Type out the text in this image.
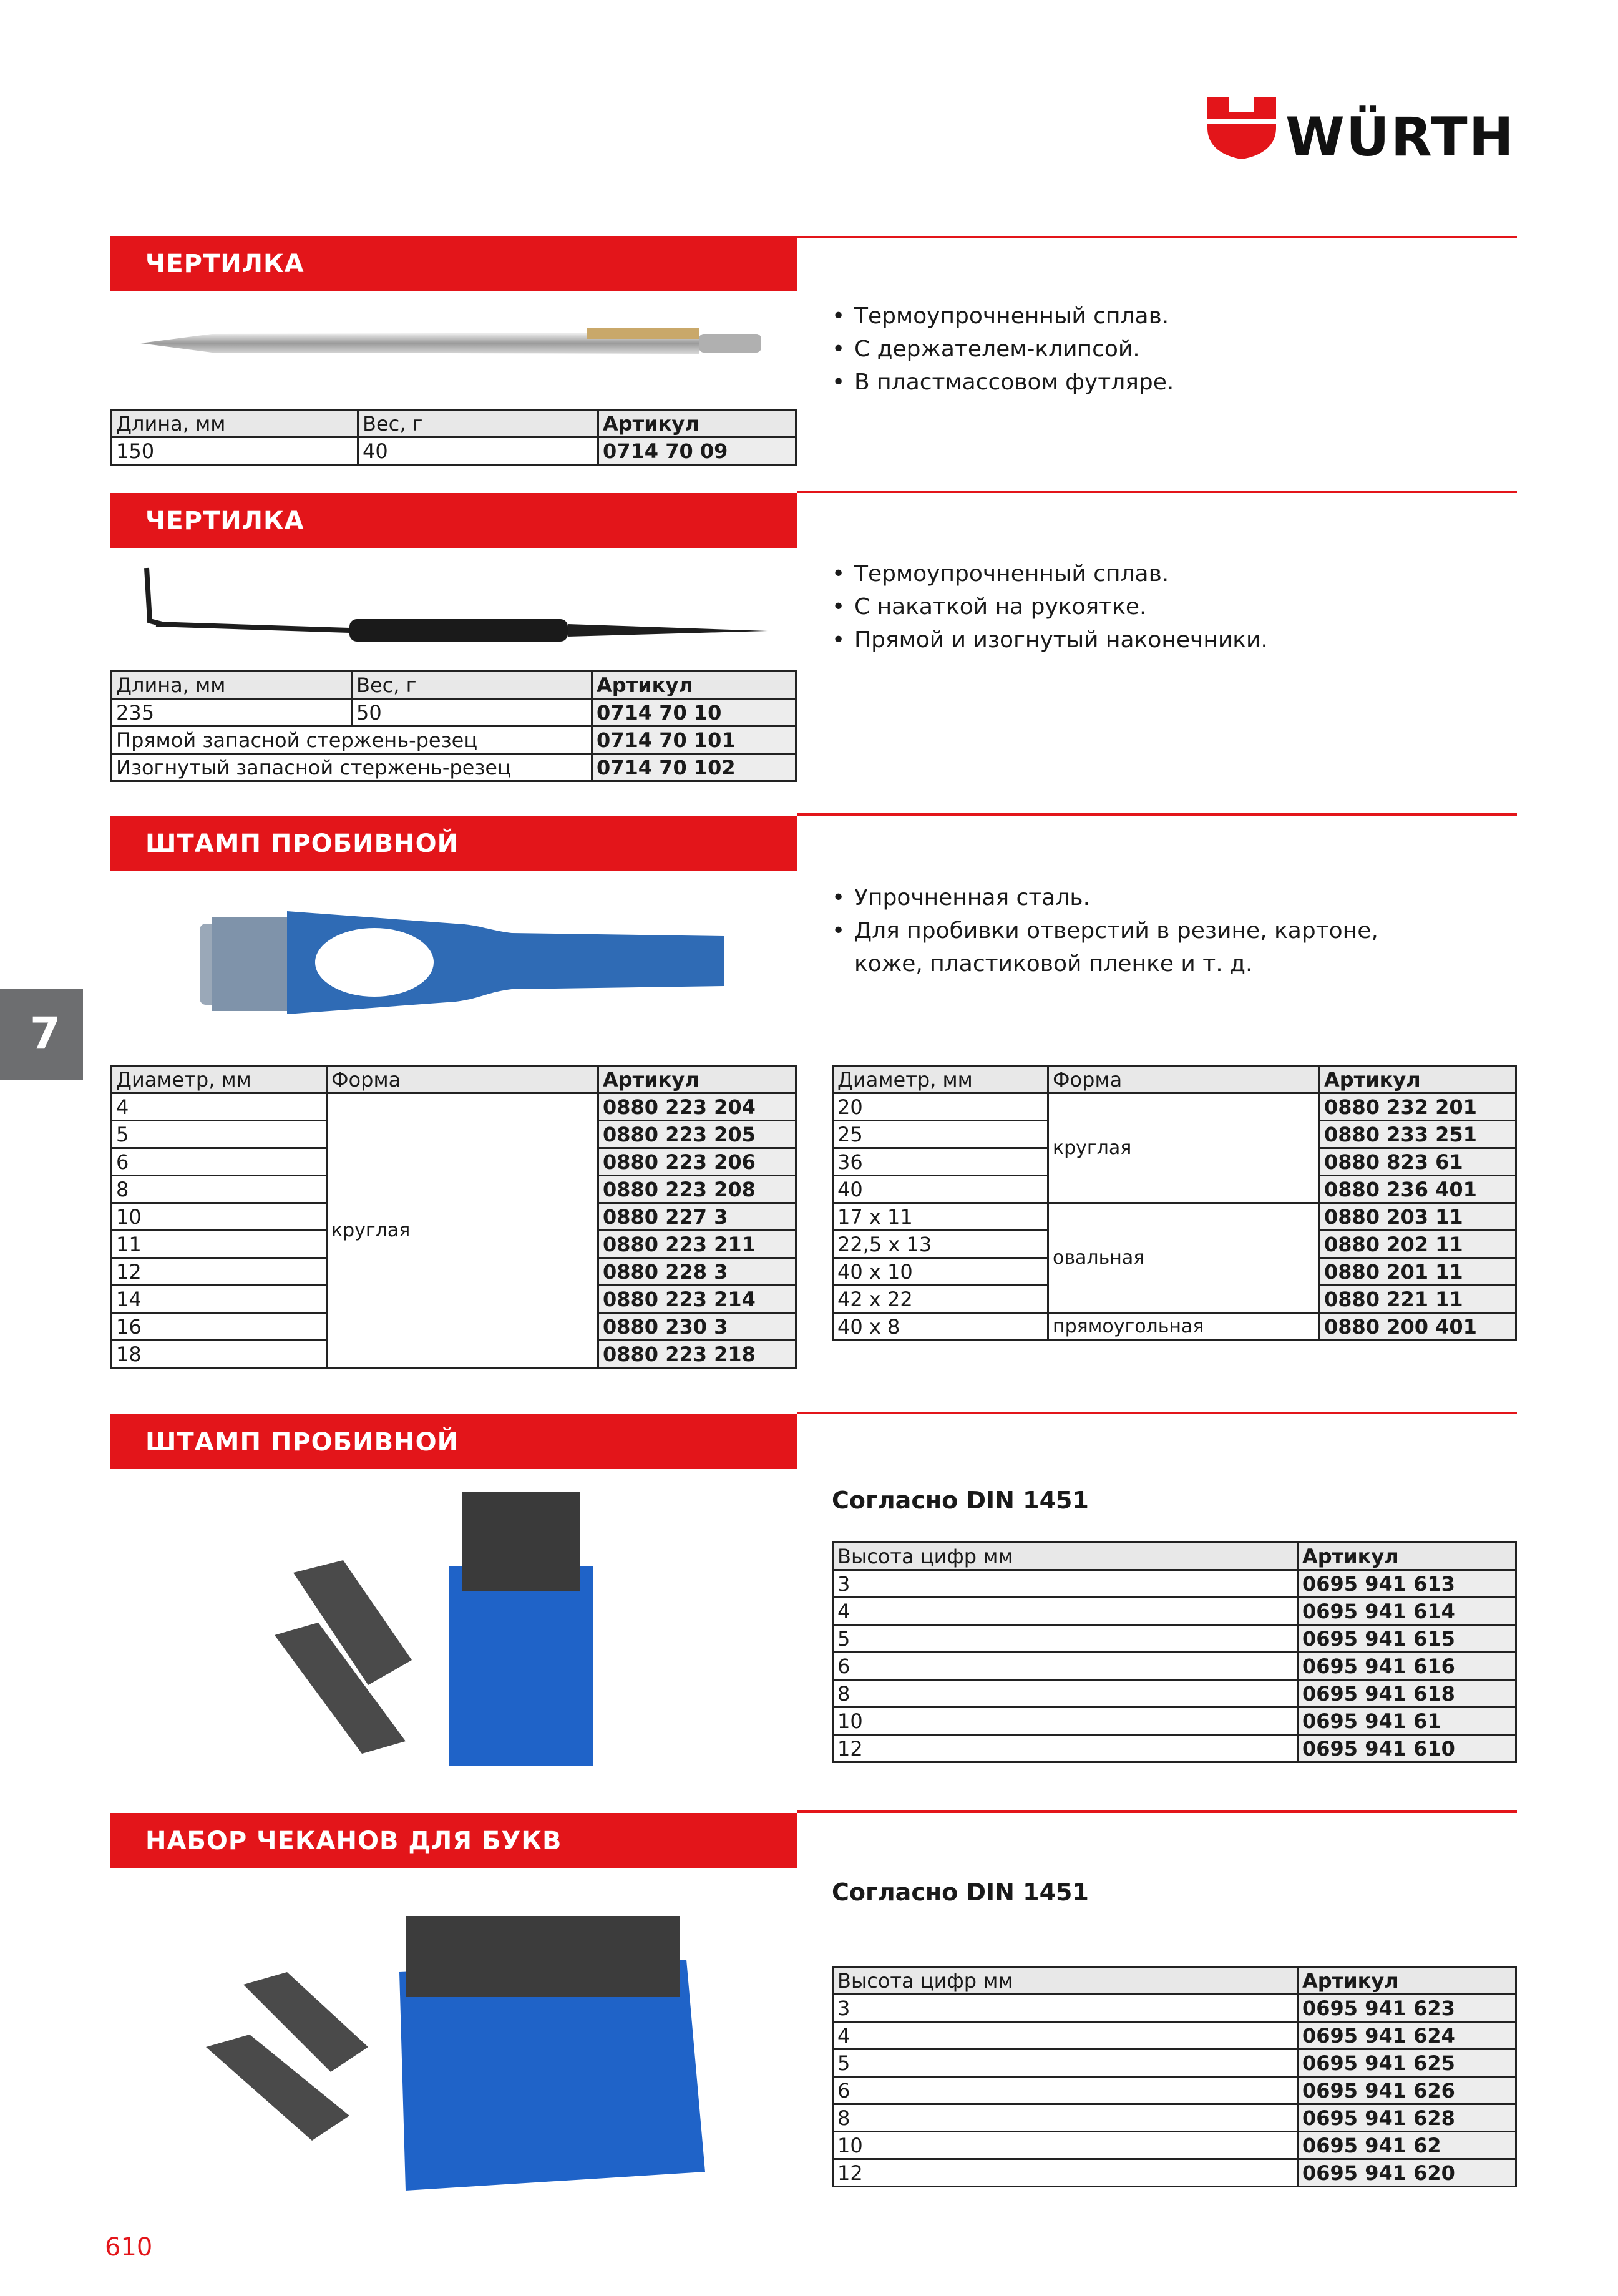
WÜRTH
7
ЧЕРТИЛКА
• Термоупрочненный сплав.
• С держателем-клипсой.
• В пластмассовом футляре.
Длина, мм	Вес, г	Артикул
150	40	0714 70 09
ЧЕРТИЛКА
• Термоупрочненный сплав.
• С накаткой на рукоятке.
• Прямой и изогнутый наконечники.
Длина, мм	Вес, г	Артикул
235	50	0714 70 10
Прямой запасной стержень-резец		0714 70 101
Изогнутый запасной стержень-резец		0714 70 102
ШТАМП ПРОБИВНОЙ
• Упрочненная сталь.
• Для пробивки отверстий в резине, картоне, коже, пластиковой пленке и т. д.
Диаметр, мм	Форма	Артикул
4	круглая	0880 223 204
5		0880 223 205
6		0880 223 206
8		0880 223 208
10		0880 227 3
11		0880 223 211
12		0880 228 3
14		0880 223 214
16		0880 230 3
18		0880 223 218
Диаметр, мм	Форма	Артикул
20	круглая	0880 232 201
25		0880 233 251
36		0880 823 61
40		0880 236 401
17 x 11	овальная	0880 203 11
22,5 x 13		0880 202 11
40 x 10		0880 201 11
42 x 22		0880 221 11
40 x 8	прямоугольная	0880 200 401
ШТАМП ПРОБИВНОЙ
Согласно DIN 1451
Высота цифр мм	Артикул
3	0695 941 613
4	0695 941 614
5	0695 941 615
6	0695 941 616
8	0695 941 618
10	0695 941 61
12	0695 941 610
НАБОР ЧЕКАНОВ ДЛЯ БУКВ
Согласно DIN 1451
Высота цифр мм	Артикул
3	0695 941 623
4	0695 941 624
5	0695 941 625
6	0695 941 626
8	0695 941 628
10	0695 941 62
12	0695 941 620
610
